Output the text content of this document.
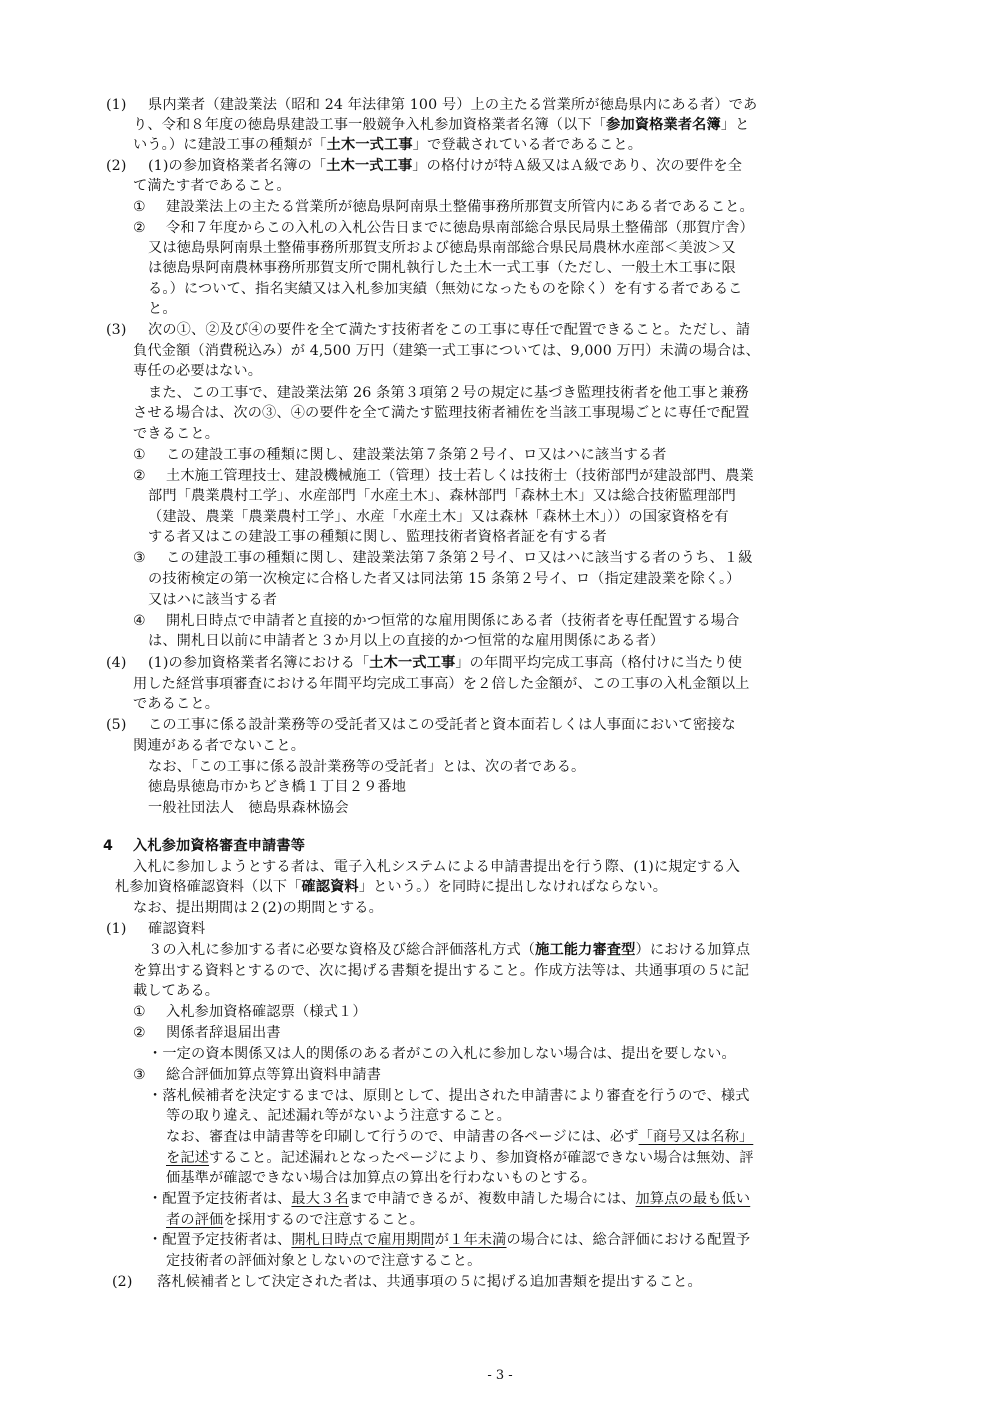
(1) 県内業者（建設業法（昭和 24 年法律第 100 号）上の主たる営業所が徳島県内にある者）であ
り、令和８年度の徳島県建設工事一般競争入札参加資格業者名簿（以下「参加資格業者名簿」と
いう。）に建設工事の種類が「土木一式工事」で登載されている者であること。
(2) (1)の参加資格業者名簿の「土木一式工事」の格付けが特Ａ級又はＡ級であり、次の要件を全
て満たす者であること。
① 建設業法上の主たる営業所が徳島県阿南県土整備事務所那賀支所管内にある者であること。
② 令和７年度からこの入札の入札公告日までに徳島県南部総合県民局県土整備部（那賀庁舎）
又は徳島県阿南県土整備事務所那賀支所および徳島県南部総合県民局農林水産部＜美波＞又
は徳島県阿南農林事務所那賀支所で開札執行した土木一式工事（ただし、一般土木工事に限
る。）について、指名実績又は入札参加実績（無効になったものを除く）を有する者であるこ
と。
(3) 次の①、②及び④の要件を全て満たす技術者をこの工事に専任で配置できること。ただし、請
負代金額（消費税込み）が 4,500 万円（建築一式工事については、9,000 万円）未満の場合は、
専任の必要はない。
また、この工事で、建設業法第 26 条第３項第２号の規定に基づき監理技術者を他工事と兼務
させる場合は、次の③、④の要件を全て満たす監理技術者補佐を当該工事現場ごとに専任で配置
できること。
① この建設工事の種類に関し、建設業法第７条第２号イ、ロ又はハに該当する者
② 土木施工管理技士、建設機械施工（管理）技士若しくは技術士（技術部門が建設部門、農業
部門「農業農村工学」、水産部門「水産土木」、森林部門「森林土木」又は総合技術監理部門
（建設、農業「農業農村工学」、水産「水産土木」又は森林「森林土木」））の国家資格を有
する者又はこの建設工事の種類に関し、監理技術者資格者証を有する者
③ この建設工事の種類に関し、建設業法第７条第２号イ、ロ又はハに該当する者のうち、１級
の技術検定の第一次検定に合格した者又は同法第 15 条第２号イ、ロ（指定建設業を除く。）
又はハに該当する者
④ 開札日時点で申請者と直接的かつ恒常的な雇用関係にある者（技術者を専任配置する場合
は、開札日以前に申請者と３か月以上の直接的かつ恒常的な雇用関係にある者）
(4) (1)の参加資格業者名簿における「土木一式工事」の年間平均完成工事高（格付けに当たり使
用した経営事項審査における年間平均完成工事高）を２倍した金額が、この工事の入札金額以上
であること。
(5) この工事に係る設計業務等の受託者又はこの受託者と資本面若しくは人事面において密接な
関連がある者でないこと。
なお、「この工事に係る設計業務等の受託者」とは、次の者である。
徳島県徳島市かちどき橋１丁目２９番地
一般社団法人　徳島県森林協会
4 入札参加資格審査申請書等
入札に参加しようとする者は、電子入札システムによる申請書提出を行う際、(1)に規定する入
札参加資格確認資料（以下「確認資料」という。）を同時に提出しなければならない。
なお、提出期間は２(2)の期間とする。
(1) 確認資料
３の入札に参加する者に必要な資格及び総合評価落札方式（施工能力審査型）における加算点
を算出する資料とするので、次に掲げる書類を提出すること。作成方法等は、共通事項の５に記
載してある。
① 入札参加資格確認票（様式１）
② 関係者辞退届出書
・一定の資本関係又は人的関係のある者がこの入札に参加しない場合は、提出を要しない。
③ 総合評価加算点等算出資料申請書
・落札候補者を決定するまでは、原則として、提出された申請書により審査を行うので、様式
等の取り違え、記述漏れ等がないよう注意すること。
なお、審査は申請書等を印刷して行うので、申請書の各ページには、必ず「商号又は名称」
を記述すること。記述漏れとなったページにより、参加資格が確認できない場合は無効、評
価基準が確認できない場合は加算点の算出を行わないものとする。
・配置予定技術者は、最大３名まで申請できるが、複数申請した場合には、加算点の最も低い
者の評価を採用するので注意すること。
・配置予定技術者は、開札日時点で雇用期間が１年未満の場合には、総合評価における配置予
定技術者の評価対象としないので注意すること。
(2) 落札候補者として決定された者は、共通事項の５に掲げる追加書類を提出すること。
- 3 -
